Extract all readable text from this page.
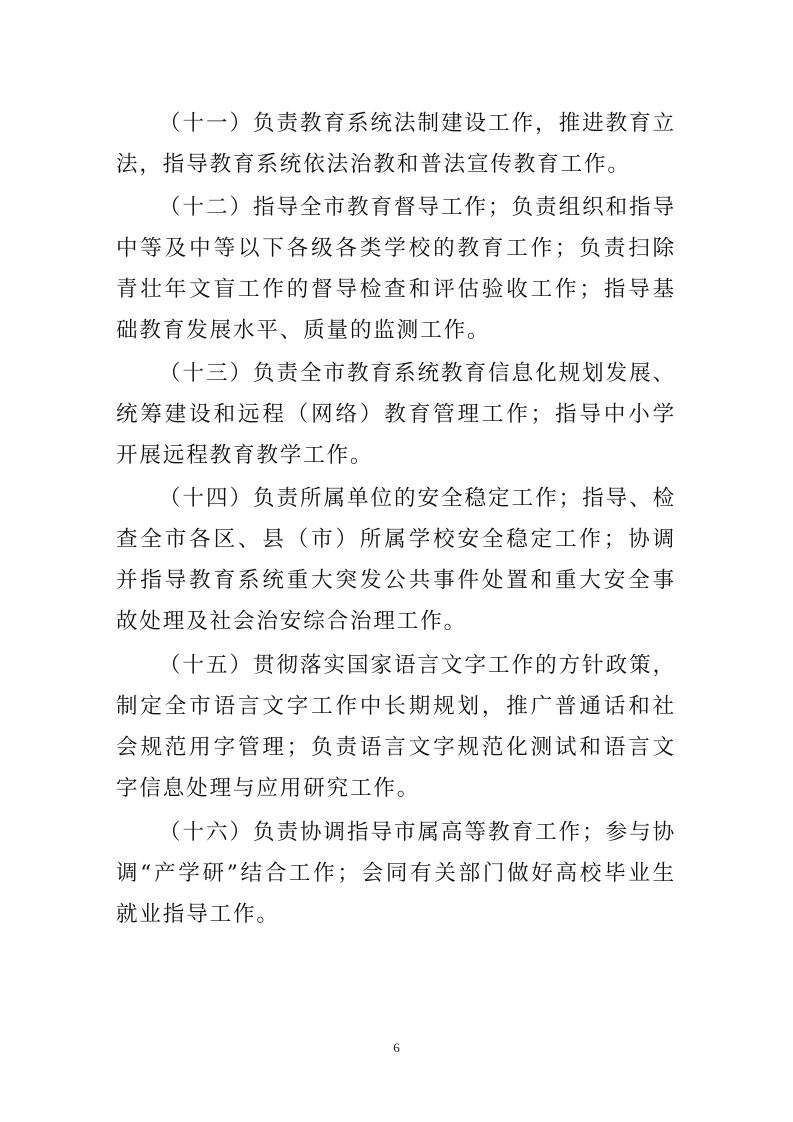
（十一）负责教育系统法制建设工作，推进教育立法，指导教育系统依法治教和普法宣传教育工作。

（十二）指导全市教育督导工作；负责组织和指导中等及中等以下各级各类学校的教育工作；负责扫除青壮年文盲工作的督导检查和评估验收工作；指导基础教育发展水平、质量的监测工作。

（十三）负责全市教育系统教育信息化规划发展、统筹建设和远程（网络）教育管理工作；指导中小学开展远程教育教学工作。

（十四）负责所属单位的安全稳定工作；指导、检查全市各区、县（市）所属学校安全稳定工作；协调并指导教育系统重大突发公共事件处置和重大安全事故处理及社会治安综合治理工作。

（十五）贯彻落实国家语言文字工作的方针政策，制定全市语言文字工作中长期规划，推广普通话和社会规范用字管理；负责语言文字规范化测试和语言文字信息处理与应用研究工作。

（十六）负责协调指导市属高等教育工作；参与协调“产学研”结合工作；会同有关部门做好高校毕业生就业指导工作。

6
